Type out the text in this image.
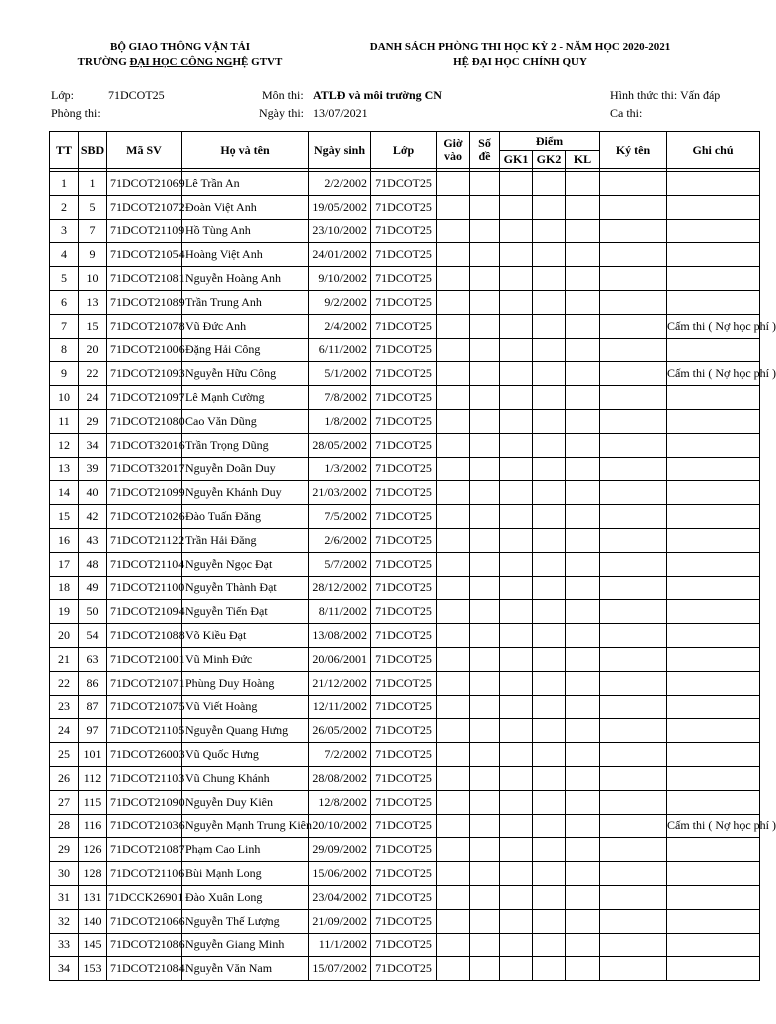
BỘ GIAO THÔNG VẬN TẢI
TRƯỜNG ĐẠI HỌC CÔNG NGHỆ GTVT
DANH SÁCH PHÒNG THI HỌC KỲ 2 - NĂM HỌC 2020-2021
HỆ ĐẠI HỌC CHÍNH QUY
Lớp:	71DCOT25
Phòng thi:
Môn thi: ATLĐ và môi trường CN
Ngày thi: 13/07/2021
Hình thức thi: Vấn đáp
Ca thi:
TT	SBD	Mã SV	Họ và tên	Ngày sinh	Lớp	Giờ
vào	Số
đề	Điểm			Ký tên	Ghi chú
								GK1	GK2	KL		

1	1	71DCOT21069	Lê Trần An	2/2/2002	71DCOT25							
2	5	71DCOT21072	Đoàn Việt Anh	19/05/2002	71DCOT25							
3	7	71DCOT21109	Hồ Tùng Anh	23/10/2002	71DCOT25							
4	9	71DCOT21054	Hoàng Việt Anh	24/01/2002	71DCOT25							
5	10	71DCOT21081	Nguyễn Hoàng Anh	9/10/2002	71DCOT25							
6	13	71DCOT21089	Trần Trung Anh	9/2/2002	71DCOT25							
7	15	71DCOT21078	Vũ Đức Anh	2/4/2002	71DCOT25							Cấm thi ( Nợ học phí )
8	20	71DCOT21006	Đặng Hải Công	6/11/2002	71DCOT25							
9	22	71DCOT21093	Nguyễn Hữu Công	5/1/2002	71DCOT25							Cấm thi ( Nợ học phí )
10	24	71DCOT21097	Lê Mạnh Cường	7/8/2002	71DCOT25							
11	29	71DCOT21080	Cao Văn Dũng	1/8/2002	71DCOT25							
12	34	71DCOT32016	Trần Trọng Dũng	28/05/2002	71DCOT25							
13	39	71DCOT32017	Nguyễn Doãn Duy	1/3/2002	71DCOT25							
14	40	71DCOT21099	Nguyễn Khánh Duy	21/03/2002	71DCOT25							
15	42	71DCOT21026	Đào Tuấn Đăng	7/5/2002	71DCOT25							
16	43	71DCOT21122	Trần Hải Đăng	2/6/2002	71DCOT25							
17	48	71DCOT21104	Nguyễn Ngọc Đạt	5/7/2002	71DCOT25							
18	49	71DCOT21100	Nguyễn Thành Đạt	28/12/2002	71DCOT25							
19	50	71DCOT21094	Nguyễn Tiến Đạt	8/11/2002	71DCOT25							
20	54	71DCOT21088	Võ Kiều Đạt	13/08/2002	71DCOT25							
21	63	71DCOT21001	Vũ Minh Đức	20/06/2001	71DCOT25							
22	86	71DCOT21071	Phùng Duy Hoàng	21/12/2002	71DCOT25							
23	87	71DCOT21075	Vũ Viết Hoàng	12/11/2002	71DCOT25							
24	97	71DCOT21105	Nguyễn Quang Hưng	26/05/2002	71DCOT25							
25	101	71DCOT26003	Vũ Quốc Hưng	7/2/2002	71DCOT25							
26	112	71DCOT21103	Vũ Chung Khánh	28/08/2002	71DCOT25							
27	115	71DCOT21090	Nguyễn Duy Kiên	12/8/2002	71DCOT25							
28	116	71DCOT21036	Nguyễn Mạnh Trung Kiên	20/10/2002	71DCOT25							Cấm thi ( Nợ học phí )
29	126	71DCOT21087	Phạm Cao Linh	29/09/2002	71DCOT25							
30	128	71DCOT21106	Bùi Mạnh Long	15/06/2002	71DCOT25							
31	131	71DCCK26901	Đào Xuân Long	23/04/2002	71DCOT25							
32	140	71DCOT21066	Nguyễn Thế Lượng	21/09/2002	71DCOT25							
33	145	71DCOT21086	Nguyễn Giang Minh	11/1/2002	71DCOT25							
34	153	71DCOT21084	Nguyễn Văn Nam	15/07/2002	71DCOT25							
